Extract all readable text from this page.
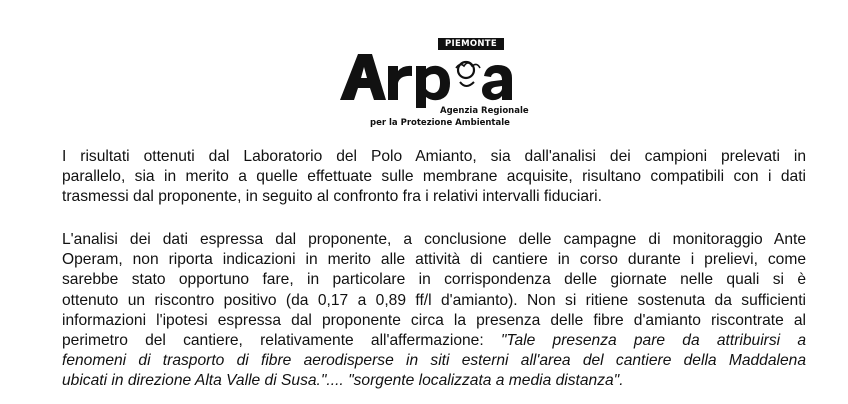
PIEMONTE
Agenzia Regionale
per la Protezione Ambientale

I risultati ottenuti dal Laboratorio del Polo Amianto, sia dall'analisi dei campioni prelevati in
parallelo, sia in merito a quelle effettuate sulle membrane acquisite, risultano compatibili con i dati
trasmessi dal proponente, in seguito al confronto fra i relativi intervalli fiduciari.

L'analisi dei dati espressa dal proponente, a conclusione delle campagne di monitoraggio Ante
Operam, non riporta indicazioni in merito alle attività di cantiere in corso durante i prelievi, come
sarebbe stato opportuno fare, in particolare in corrispondenza delle giornate nelle quali si è
ottenuto un riscontro positivo (da 0,17 a 0,89 ff/l d'amianto). Non si ritiene sostenuta da sufficienti
informazioni l'ipotesi espressa dal proponente circa la presenza delle fibre d'amianto riscontrate al
perimetro del cantiere, relativamente all'affermazione: "Tale presenza pare da attribuirsi a
fenomeni di trasporto di fibre aerodisperse in siti esterni all'area del cantiere della Maddalena
ubicati in direzione Alta Valle di Susa.".... "sorgente localizzata a media distanza".
